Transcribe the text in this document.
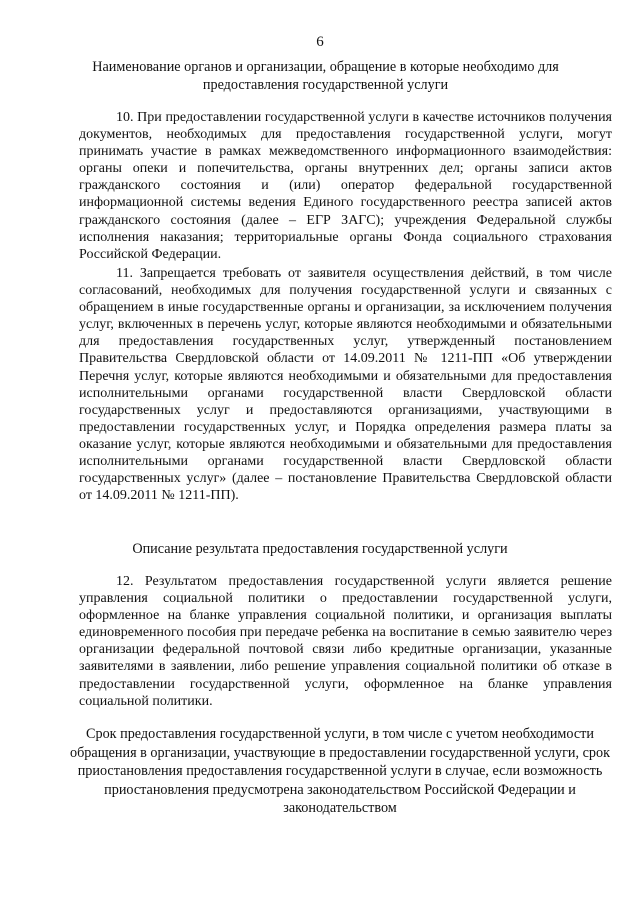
6
Наименование органов и организации, обращение в которые необходимо для предоставления государственной услуги

10. При предоставлении государственной услуги в качестве источников получения документов, необходимых для предоставления государственной услуги, могут принимать участие в рамках межведомственного информационного взаимодействия: органы опеки и попечительства, органы внутренних дел; органы записи актов гражданского состояния и (или) оператор федеральной государственной информационной системы ведения Единого государственного реестра записей актов гражданского состояния (далее – ЕГР ЗАГС); учреждения Федеральной службы исполнения наказания; территориальные органы Фонда социального страхования Российской Федерации.

11. Запрещается требовать от заявителя осуществления действий, в том числе согласований, необходимых для получения государственной услуги и связанных с обращением в иные государственные органы и организации, за исключением получения услуг, включенных в перечень услуг, которые являются необходимыми и обязательными для предоставления государственных услуг, утвержденный постановлением Правительства Свердловской области от 14.09.2011 № 1211-ПП «Об утверждении Перечня услуг, которые являются необходимыми и обязательными для предоставления исполнительными органами государственной власти Свердловской области государственных услуг и предоставляются организациями, участвующими в предоставлении государственных услуг, и Порядка определения размера платы за оказание услуг, которые являются необходимыми и обязательными для предоставления исполнительными органами государственной власти Свердловской области государственных услуг» (далее – постановление Правительства Свердловской области от 14.09.2011 № 1211-ПП).

Описание результата предоставления государственной услуги

12. Результатом предоставления государственной услуги является решение управления социальной политики о предоставлении государственной услуги, оформленное на бланке управления социальной политики, и организация выплаты единовременного пособия при передаче ребенка на воспитание в семью заявителю через организации федеральной почтовой связи либо кредитные организации, указанные заявителями в заявлении, либо решение управления социальной политики об отказе в предоставлении государственной услуги, оформленное на бланке управления социальной политики.

Срок предоставления государственной услуги, в том числе с учетом необходимости обращения в организации, участвующие в предоставлении государственной услуги, срок приостановления предоставления государственной услуги в случае, если возможность приостановления предусмотрена законодательством Российской Федерации и законодательством
